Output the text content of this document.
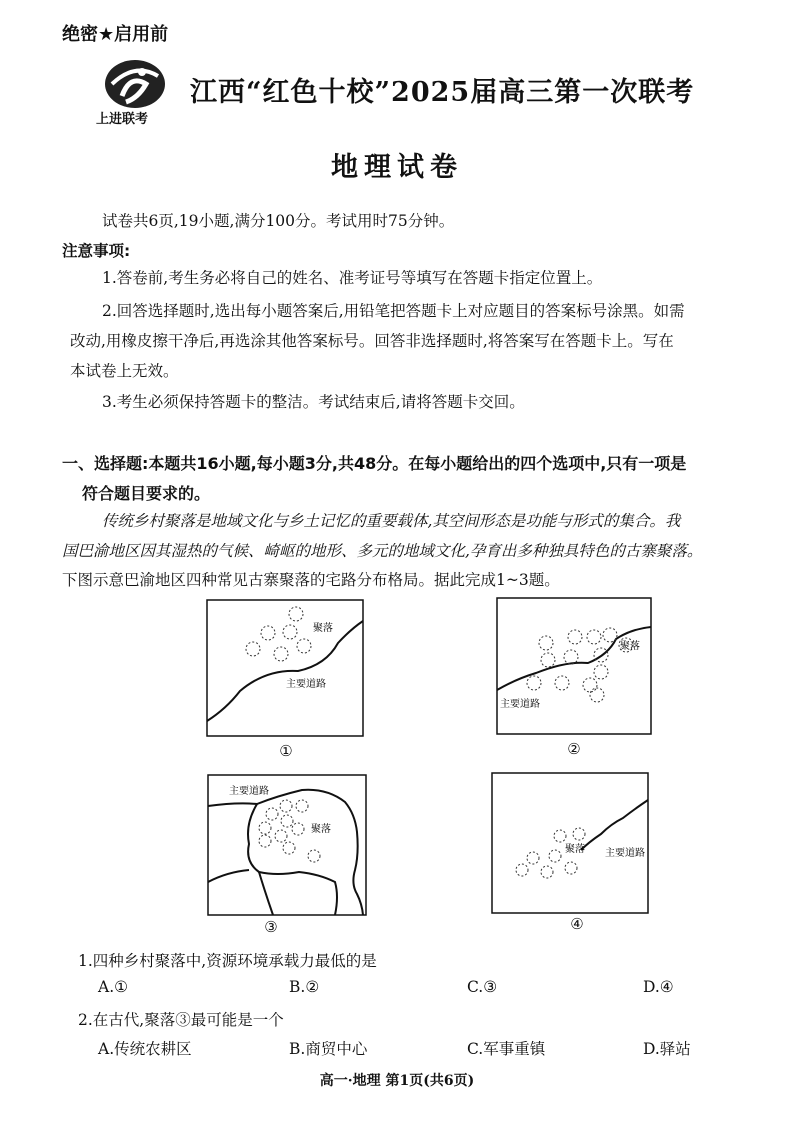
绝密★启用前
上进联考
江西“红色十校”2025届高三第一次联考
地理试卷
试卷共6页,19小题,满分100分。考试用时75分钟。
注意事项:
1.答卷前,考生务必将自己的姓名、准考证号等填写在答题卡指定位置上。
2.回答选择题时,选出每小题答案后,用铅笔把答题卡上对应题目的答案标号涂黑。如需
改动,用橡皮擦干净后,再选涂其他答案标号。回答非选择题时,将答案写在答题卡上。写在
本试卷上无效。
3.考生必须保持答题卡的整洁。考试结束后,请将答题卡交回。
一、选择题:本题共16小题,每小题3分,共48分。在每小题给出的四个选项中,只有一项是
符合题目要求的。
传统乡村聚落是地域文化与乡土记忆的重要载体,其空间形态是功能与形式的集合。我
国巴渝地区因其湿热的气候、崎岖的地形、多元的地域文化,孕育出多种独具特色的古寨聚落。
下图示意巴渝地区四种常见古寨聚落的宅路分布格局。据此完成1~3题。
聚落
主要道路
①
聚落
主要道路
②
主要道路
聚落
③
聚落 主要道路
④
1.四种乡村聚落中,资源环境承载力最低的是
A.①	B.②	C.③	D.④
2.在古代,聚落③最可能是一个
A.传统农耕区	B.商贸中心	C.军事重镇	D.驿站
高一·地理 第1页(共6页)
